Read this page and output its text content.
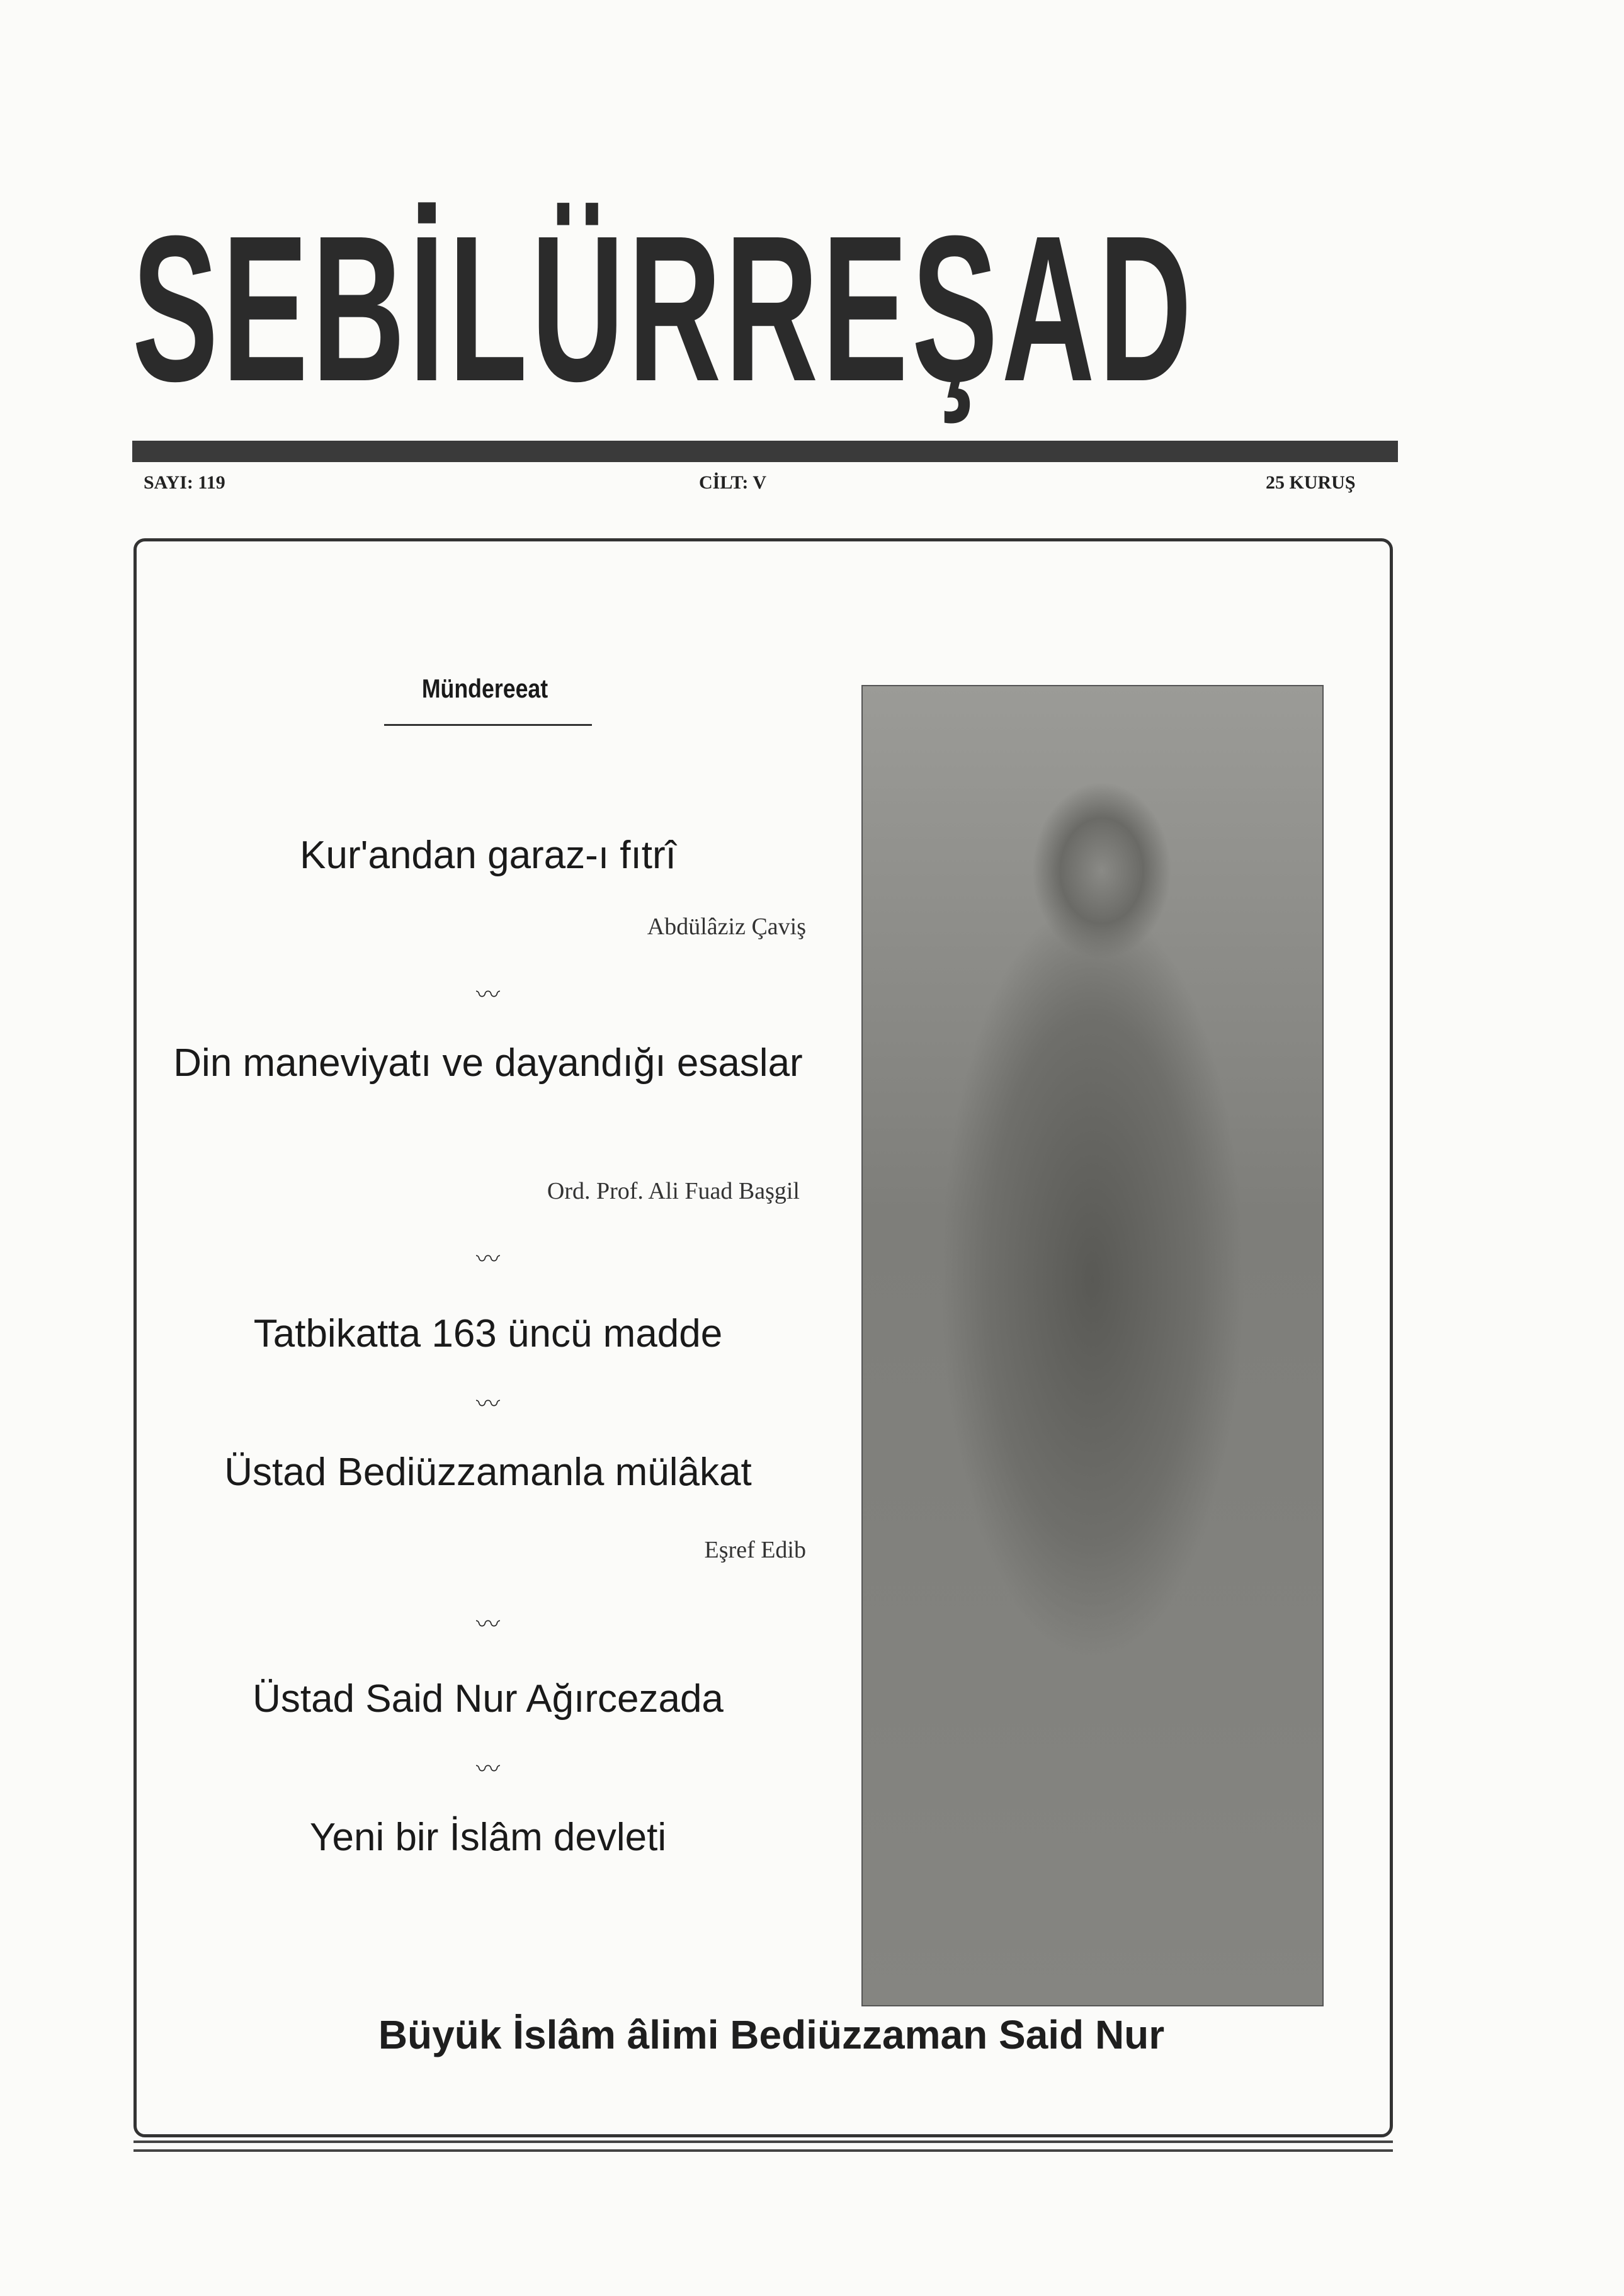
SEBİLÜRREŞAD
SAYI: 119	CİLT: V	25 KURUŞ
Mündereeat
Kur'andan garaz-ı fıtrî
Abdülâziz Çaviş
〰
Din maneviyatı ve dayandığı esaslar
Ord. Prof. Ali Fuad Başgil
〰
Tatbikatta 163 üncü madde
〰
Üstad Bediüzzamanla mülâkat
Eşref Edib
〰
Üstad Said Nur Ağırcezada
〰
Yeni bir İslâm devleti
Büyük İslâm âlimi Bediüzzaman Said Nur
